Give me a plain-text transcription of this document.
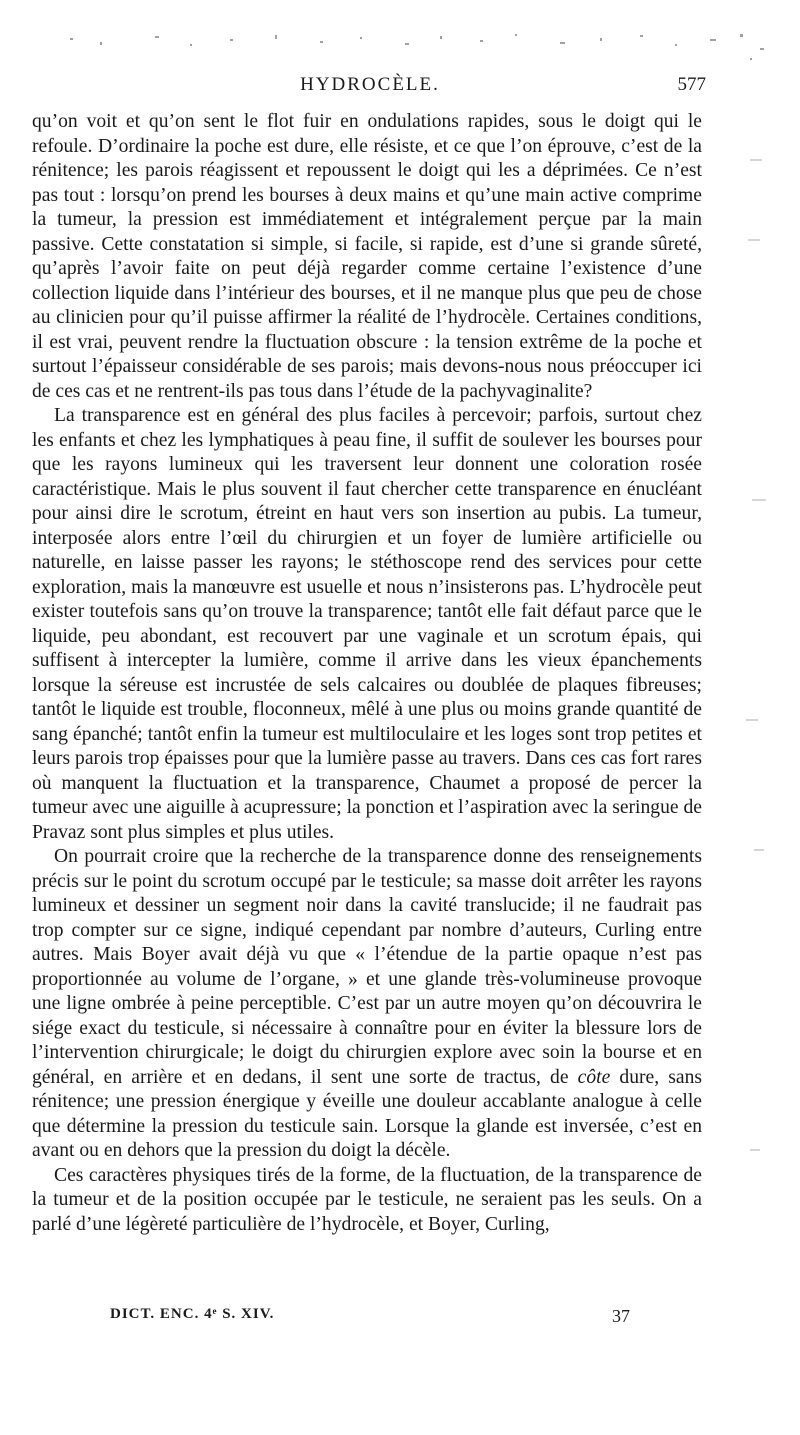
HYDROCÈLE.	577

qu’on voit et qu’on sent le flot fuir en ondulations rapides, sous le doigt qui le refoule. D’ordinaire la poche est dure, elle résiste, et ce que l’on éprouve, c’est de la rénitence; les parois réagissent et repoussent le doigt qui les a déprimées. Ce n’est pas tout : lorsqu’on prend les bourses à deux mains et qu’une main active comprime la tumeur, la pression est immédiatement et intégralement perçue par la main passive. Cette constatation si simple, si facile, si rapide, est d’une si grande sûreté, qu’après l’avoir faite on peut déjà regarder comme certaine l’existence d’une collection liquide dans l’intérieur des bourses, et il ne manque plus que peu de chose au clinicien pour qu’il puisse affirmer la réalité de l’hydrocèle. Certaines conditions, il est vrai, peuvent rendre la fluctuation obscure : la tension extrême de la poche et surtout l’épaisseur considérable de ses parois; mais devons-nous nous préoccuper ici de ces cas et ne rentrent-ils pas tous dans l’étude de la pachyvaginalite?

La transparence est en général des plus faciles à percevoir; parfois, surtout chez les enfants et chez les lymphatiques à peau fine, il suffit de soulever les bourses pour que les rayons lumineux qui les traversent leur donnent une coloration rosée caractéristique. Mais le plus souvent il faut chercher cette transparence en énucléant pour ainsi dire le scrotum, étreint en haut vers son insertion au pubis. La tumeur, interposée alors entre l’œil du chirurgien et un foyer de lumière artificielle ou naturelle, en laisse passer les rayons; le stéthoscope rend des services pour cette exploration, mais la manœuvre est usuelle et nous n’insisterons pas. L’hydrocèle peut exister toutefois sans qu’on trouve la transparence; tantôt elle fait défaut parce que le liquide, peu abondant, est recouvert par une vaginale et un scrotum épais, qui suffisent à intercepter la lumière, comme il arrive dans les vieux épanchements lorsque la séreuse est incrustée de sels calcaires ou doublée de plaques fibreuses; tantôt le liquide est trouble, floconneux, mêlé à une plus ou moins grande quantité de sang épanché; tantôt enfin la tumeur est multiloculaire et les loges sont trop petites et leurs parois trop épaisses pour que la lumière passe au travers. Dans ces cas fort rares où manquent la fluctuation et la transparence, Chaumet a proposé de percer la tumeur avec une aiguille à acupressure; la ponction et l’aspiration avec la seringue de Pravaz sont plus simples et plus utiles.

On pourrait croire que la recherche de la transparence donne des renseignements précis sur le point du scrotum occupé par le testicule; sa masse doit arrêter les rayons lumineux et dessiner un segment noir dans la cavité translucide; il ne faudrait pas trop compter sur ce signe, indiqué cependant par nombre d’auteurs, Curling entre autres. Mais Boyer avait déjà vu que « l’étendue de la partie opaque n’est pas proportionnée au volume de l’organe, » et une glande très-volumineuse provoque une ligne ombrée à peine perceptible. C’est par un autre moyen qu’on découvrira le siége exact du testicule, si nécessaire à connaître pour en éviter la blessure lors de l’intervention chirurgicale; le doigt du chirurgien explore avec soin la bourse et en général, en arrière et en dedans, il sent une sorte de tractus, de côte dure, sans rénitence; une pression énergique y éveille une douleur accablante analogue à celle que détermine la pression du testicule sain. Lorsque la glande est inversée, c’est en avant ou en dehors que la pression du doigt la décèle.

Ces caractères physiques tirés de la forme, de la fluctuation, de la transparence de la tumeur et de la position occupée par le testicule, ne seraient pas les seuls. On a parlé d’une légèreté particulière de l’hydrocèle, et Boyer, Curling,

DICT. ENC. 4ᵉ S. XIV.	37
